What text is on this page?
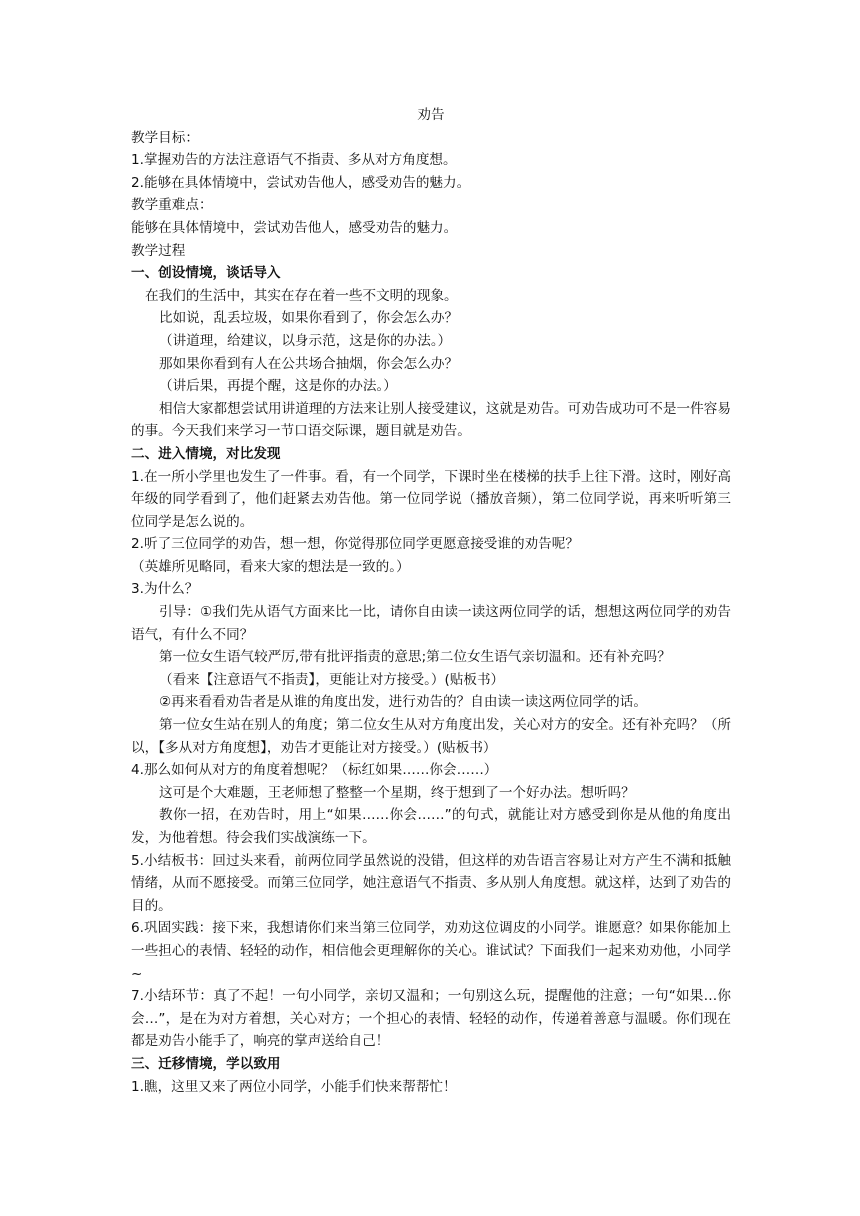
劝告

教学目标：

1.掌握劝告的方法注意语气不指责、多从对方角度想。

2.能够在具体情境中，尝试劝告他人，感受劝告的魅力。

教学重难点：

能够在具体情境中，尝试劝告他人，感受劝告的魅力。

教学过程

一、创设情境，谈话导入

在我们的生活中，其实在存在着一些不文明的现象。

比如说，乱丢垃圾，如果你看到了，你会怎么办？

（讲道理，给建议，以身示范，这是你的办法。）

那如果你看到有人在公共场合抽烟，你会怎么办？

（讲后果，再提个醒，这是你的办法。）

相信大家都想尝试用讲道理的方法来让别人接受建议，这就是劝告。可劝告成功可不是一件容易的事。今天我们来学习一节口语交际课，题目就是劝告。

二、进入情境，对比发现

1.在一所小学里也发生了一件事。看，有一个同学，下课时坐在楼梯的扶手上往下滑。这时，刚好高年级的同学看到了，他们赶紧去劝告他。第一位同学说（播放音频），第二位同学说，再来听听第三位同学是怎么说的。

2.听了三位同学的劝告，想一想，你觉得那位同学更愿意接受谁的劝告呢？

（英雄所见略同，看来大家的想法是一致的。）

3.为什么？

引导：①我们先从语气方面来比一比，请你自由读一读这两位同学的话，想想这两位同学的劝告语气，有什么不同？

第一位女生语气较严厉,带有批评指责的意思;第二位女生语气亲切温和。还有补充吗？

（看来【注意语气不指责】，更能让对方接受。）(贴板书）

②再来看看劝告者是从谁的角度出发，进行劝告的？自由读一读这两位同学的话。

第一位女生站在别人的角度；第二位女生从对方角度出发，关心对方的安全。还有补充吗？（所以，【多从对方角度想】，劝告才更能让对方接受。）(贴板书）

4.那么如何从对方的角度着想呢？（标红如果……你会……）

这可是个大难题，王老师想了整整一个星期，终于想到了一个好办法。想听吗？

教你一招，在劝告时，用上“如果……你会……”的句式，就能让对方感受到你是从他的角度出发，为他着想。待会我们实战演练一下。

5.小结板书：回过头来看，前两位同学虽然说的没错，但这样的劝告语言容易让对方产生不满和抵触情绪，从而不愿接受。而第三位同学，她注意语气不指责、多从别人角度想。就这样，达到了劝告的目的。

6.巩固实践：接下来，我想请你们来当第三位同学，劝劝这位调皮的小同学。谁愿意？如果你能加上一些担心的表情、轻轻的动作，相信他会更理解你的关心。谁试试？下面我们一起来劝劝他，小同学~

7.小结环节：真了不起！一句小同学，亲切又温和；一句别这么玩，提醒他的注意；一句“如果…你会…”，是在为对方着想，关心对方；一个担心的表情、轻轻的动作，传递着善意与温暖。你们现在都是劝告小能手了，响亮的掌声送给自己！

三、迁移情境，学以致用

1.瞧，这里又来了两位小同学，小能手们快来帮帮忙！
